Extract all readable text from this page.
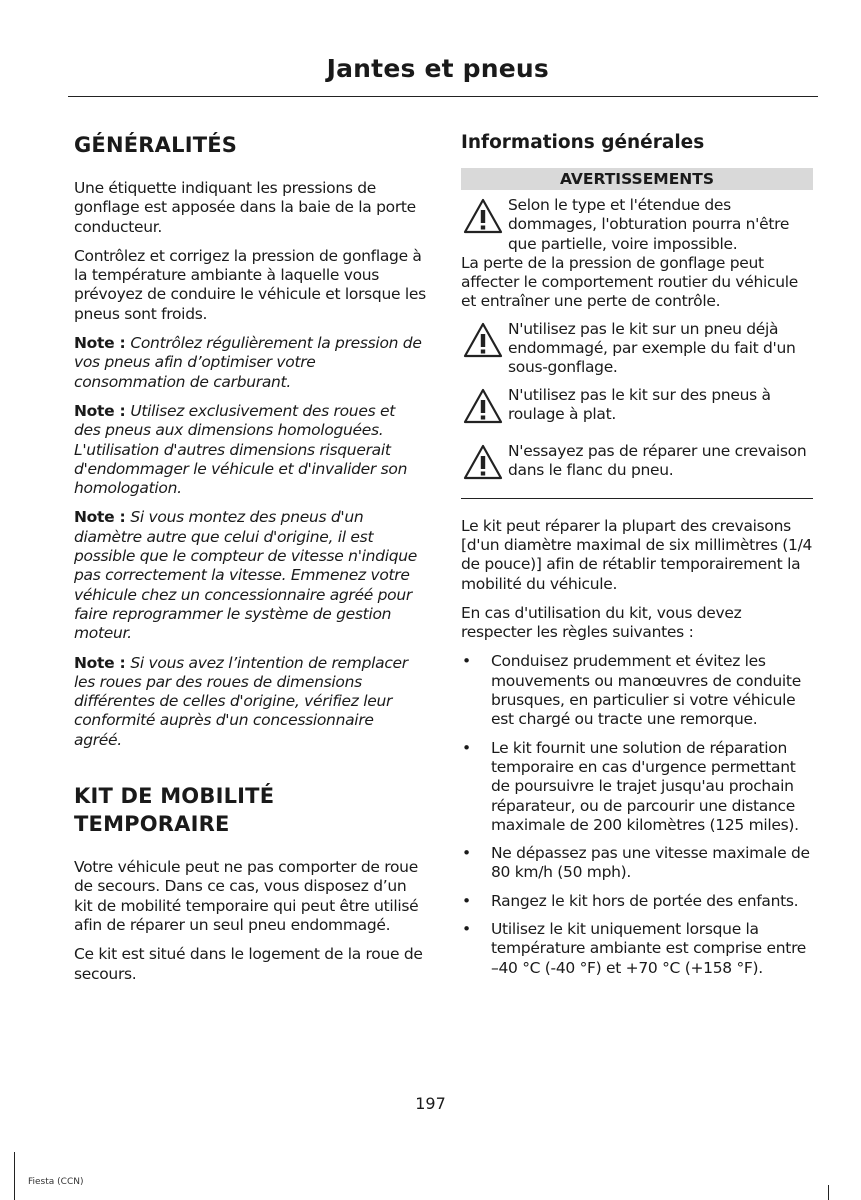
Jantes et pneus
GÉNÉRALITÉS

Une étiquette indiquant les pressions de gonflage est apposée dans la baie de la porte conducteur.

Contrôlez et corrigez la pression de gonflage à la température ambiante à laquelle vous prévoyez de conduire le véhicule et lorsque les pneus sont froids.

Note : Contrôlez régulièrement la pression de vos pneus afin d’optimiser votre consommation de carburant.

Note : Utilisez exclusivement des roues et des pneus aux dimensions homologuées. L'utilisation d'autres dimensions risquerait d'endommager le véhicule et d'invalider son homologation.

Note : Si vous montez des pneus d'un diamètre autre que celui d'origine, il est possible que le compteur de vitesse n'indique pas correctement la vitesse. Emmenez votre véhicule chez un concessionnaire agréé pour faire reprogrammer le système de gestion moteur.

Note : Si vous avez l’intention de remplacer les roues par des roues de dimensions différentes de celles d'origine, vérifiez leur conformité auprès d'un concessionnaire agréé.

KIT DE MOBILITÉ
TEMPORAIRE

Votre véhicule peut ne pas comporter de roue de secours. Dans ce cas, vous disposez d’un kit de mobilité temporaire qui peut être utilisé afin de réparer un seul pneu endommagé.

Ce kit est situé dans le logement de la roue de secours.

Informations générales
AVERTISSEMENTS
Selon le type et l'étendue des dommages, l'obturation pourra n'être que partielle, voire impossible.
La perte de la pression de gonflage peut affecter le comportement routier du véhicule et entraîner une perte de contrôle.
N'utilisez pas le kit sur un pneu déjà endommagé, par exemple du fait d'un sous-gonflage.
N'utilisez pas le kit sur des pneus à roulage à plat.
N'essayez pas de réparer une crevaison dans le flanc du pneu.

Le kit peut réparer la plupart des crevaisons [d'un diamètre maximal de six millimètres (1/4 de pouce)] afin de rétablir temporairement la mobilité du véhicule.

En cas d'utilisation du kit, vous devez respecter les règles suivantes :

• Conduisez prudemment et évitez les mouvements ou manœuvres de conduite brusques, en particulier si votre véhicule est chargé ou tracte une remorque.
• Le kit fournit une solution de réparation temporaire en cas d'urgence permettant de poursuivre le trajet jusqu'au prochain réparateur, ou de parcourir une distance maximale de 200 kilomètres (125 miles).
• Ne dépassez pas une vitesse maximale de 80 km/h (50 mph).
• Rangez le kit hors de portée des enfants.
• Utilisez le kit uniquement lorsque la température ambiante est comprise entre –40 °C (-40 °F) et +70 °C (+158 °F).
197
Fiesta (CCN)
